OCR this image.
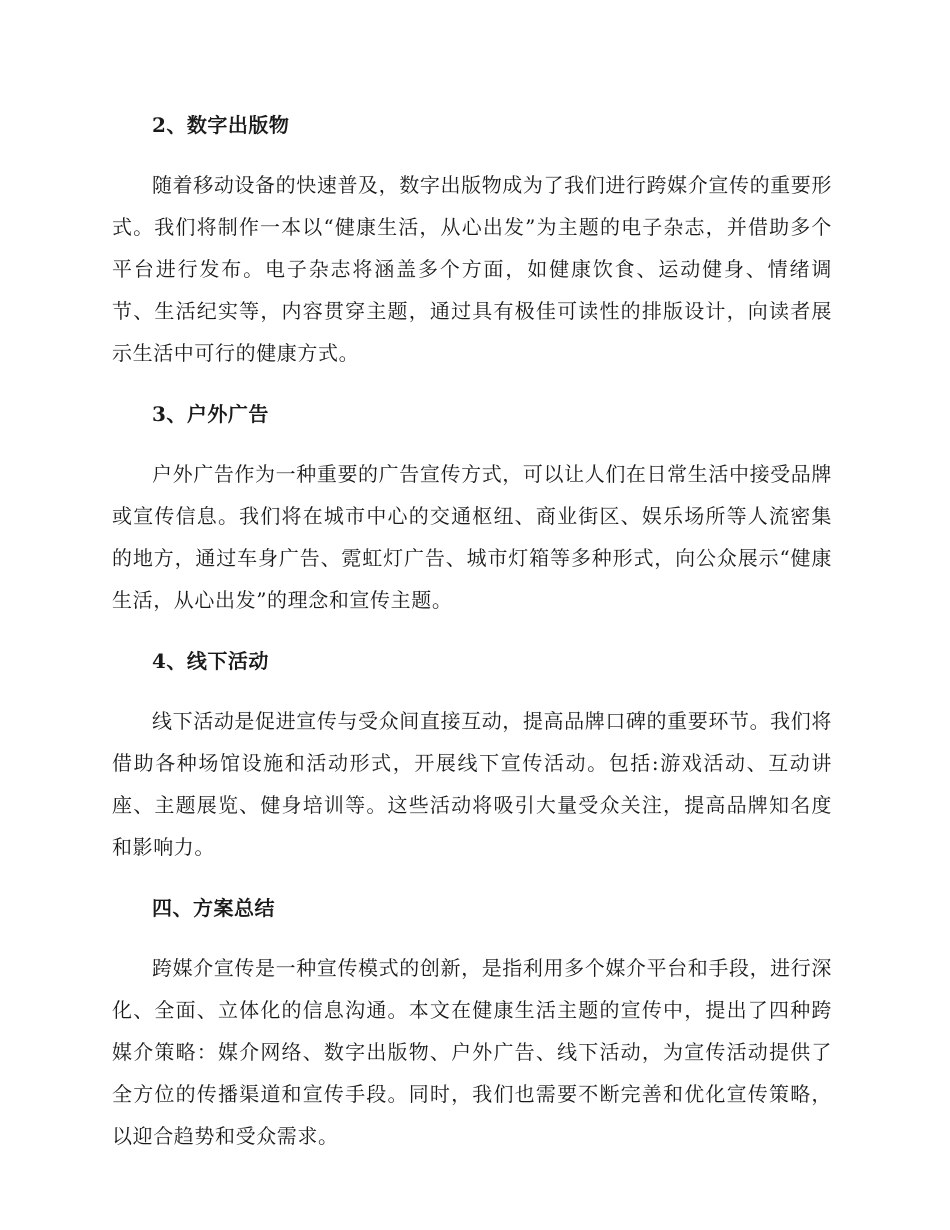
2、数字出版物

随着移动设备的快速普及，数字出版物成为了我们进行跨媒介宣传的重要形式。我们将制作一本以“健康生活，从心出发”为主题的电子杂志，并借助多个平台进行发布。电子杂志将涵盖多个方面，如健康饮食、运动健身、情绪调节、生活纪实等，内容贯穿主题，通过具有极佳可读性的排版设计，向读者展示生活中可行的健康方式。

3、户外广告

户外广告作为一种重要的广告宣传方式，可以让人们在日常生活中接受品牌或宣传信息。我们将在城市中心的交通枢纽、商业街区、娱乐场所等人流密集的地方，通过车身广告、霓虹灯广告、城市灯箱等多种形式，向公众展示“健康生活，从心出发”的理念和宣传主题。

4、线下活动

线下活动是促进宣传与受众间直接互动，提高品牌口碑的重要环节。我们将借助各种场馆设施和活动形式，开展线下宣传活动。包括:游戏活动、互动讲座、主题展览、健身培训等。这些活动将吸引大量受众关注，提高品牌知名度和影响力。

四、方案总结

跨媒介宣传是一种宣传模式的创新，是指利用多个媒介平台和手段，进行深化、全面、立体化的信息沟通。本文在健康生活主题的宣传中，提出了四种跨媒介策略：媒介网络、数字出版物、户外广告、线下活动，为宣传活动提供了全方位的传播渠道和宣传手段。同时，我们也需要不断完善和优化宣传策略，以迎合趋势和受众需求。
